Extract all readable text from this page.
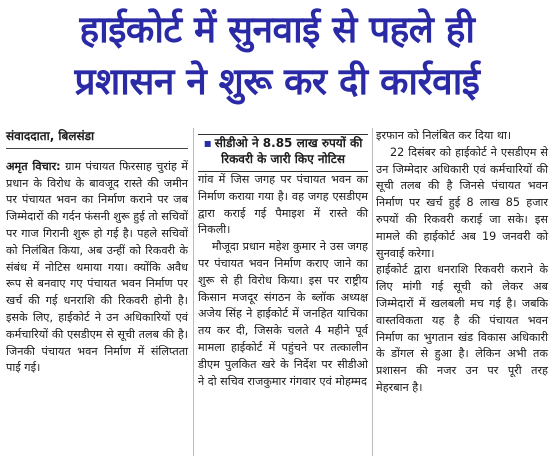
हाईकोर्ट में सुनवाई से पहले ही
प्रशासन ने शुरू कर दी कार्रवाई
संवाददाता, बिलसंडा

अमृत विचार: ग्राम पंचायत फिरसाह चुरांह में प्रधान के विरोध के बावजूद रास्ते की जमीन पर पंचायत भवन का निर्माण कराने पर जब जिम्मेदारों की गर्दन फंसनी शुरू हुई तो सचिवों पर गाज गिरानी शुरू हो गई है। पहले सचिवों को निलंबित किया, अब उन्हीं को रिकवरी के संबंध में नोटिस थमाया गया। क्योंकि अवैध रूप से बनवाए गए पंचायत भवन निर्माण पर खर्च की गई धनराशि की रिकवरी होनी है। इसके लिए, हाईकोर्ट ने उन अधिकारियों एवं कर्मचारियों की एसडीएम से सूची तलब की है। जिनकी पंचायत भवन निर्माण में संलिप्तता पाई गई।

▪ सीडीओ ने 8.85 लाख रुपयों की
रिकवरी के जारी किए नोटिस

गांव में जिस जगह पर पंचायत भवन का निर्माण कराया गया है। वह जगह एसडीएम द्वारा कराई गई पैमाइश में रास्ते की निकली।

मौजूदा प्रधान महेश कुमार ने उस जगह पर पंचायत भवन निर्माण कराए जाने का शुरू से ही विरोध किया। इस पर राष्ट्रीय किसान मजदूर संगठन के ब्लॉक अध्यक्ष अजेय सिंह ने हाईकोर्ट में जनहित याचिका तय कर दी, जिसके चलते 4 महीने पूर्व मामला हाईकोर्ट में पहुंचने पर तत्कालीन डीएम पुलकित खरे के निर्देश पर सीडीओ ने दो सचिव राजकुमार गंगवार एवं मोहम्मद

इरफान को निलंबित कर दिया था।

22 दिसंबर को हाईकोर्ट ने एसडीएम से उन जिम्मेदार अधिकारी एवं कर्मचारियों की सूची तलब की है जिनसे पंचायत भवन निर्माण पर खर्च हुई 8 लाख 85 हजार रुपयों की रिकवरी कराई जा सके। इस मामले की हाईकोर्ट अब 19 जनवरी को सुनवाई करेगा।

हाईकोर्ट द्वारा धनराशि रिकवरी कराने के लिए मांगी गई सूची को लेकर अब जिम्मेदारों में खलबली मच गई है। जबकि वास्तविकता यह है की पंचायत भवन निर्माण का भुगतान खंड विकास अधिकारी के डोंगल से हुआ है। लेकिन अभी तक प्रशासन की नजर उन पर पूरी तरह मेहरबान है।
